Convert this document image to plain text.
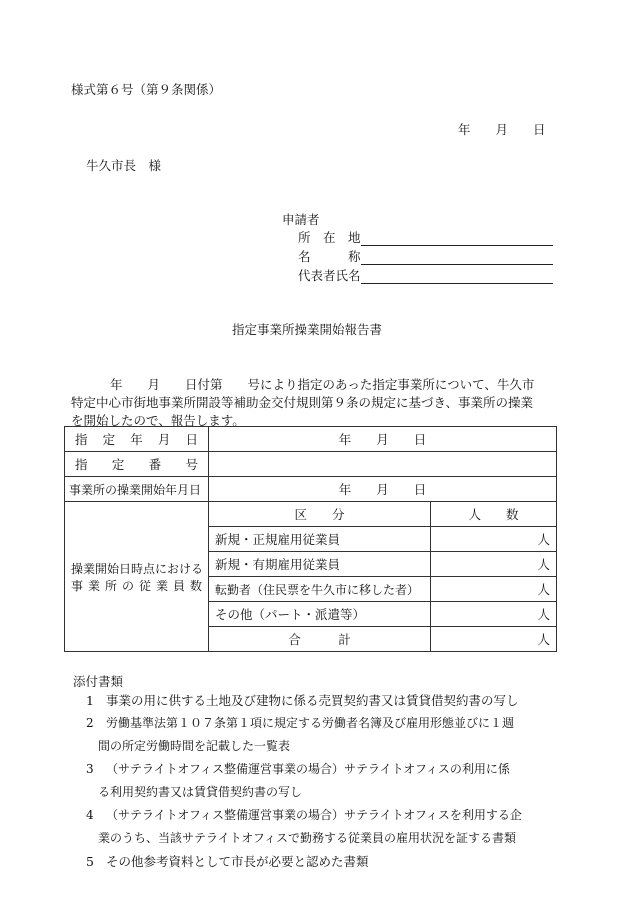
様式第６号（第９条関係）
年　　月　　日
牛久市長　様
申請者
所　在　地
名　　　称
代表者氏名
指定事業所操業開始報告書
年　　月　　日付第　　号により指定のあった指定事業所について、牛久市
特定中心市街地事業所開設等補助金交付規則第９条の規定に基づき、事業所の操業
を開始したので、報告します。
指定年月日	年　　月　　日	
指定番号		
事業所の操業開始年月日	年　　月　　日	

操業開始日時点における
事業所の従業員数	区　　分	人　　数
	新規・正規雇用従業員	人
	新規・有期雇用従業員	人
	転勤者（住民票を牛久市に移した者）	人
	その他（パート・派遣等）	人
	合　　　計	人
添付書類
1 事業の用に供する土地及び建物に係る売買契約書又は賃貸借契約書の写し
2 労働基準法第１０７条第１項に規定する労働者名簿及び雇用形態並びに１週
間の所定労働時間を記載した一覧表
3 （サテライトオフィス整備運営事業の場合）サテライトオフィスの利用に係
る利用契約書又は賃貸借契約書の写し
4 （サテライトオフィス整備運営事業の場合）サテライトオフィスを利用する企
業のうち、当該サテライトオフィスで勤務する従業員の雇用状況を証する書類
5 その他参考資料として市長が必要と認めた書類
